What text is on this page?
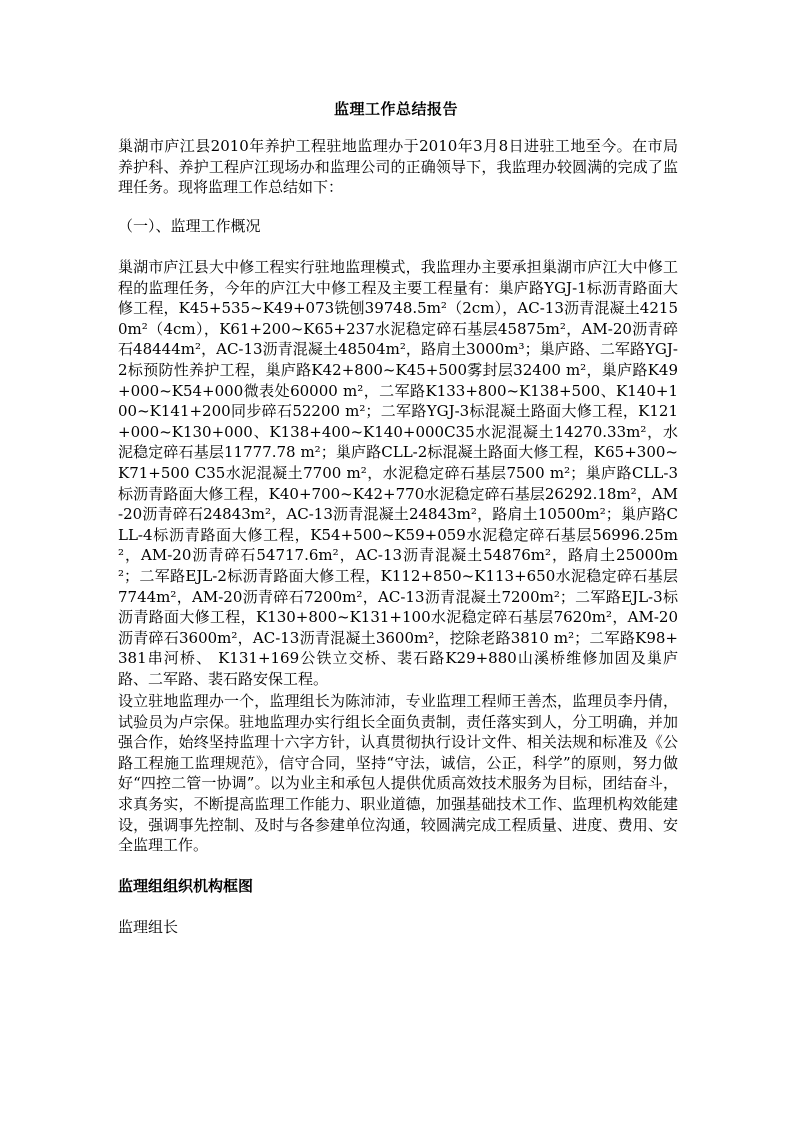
监理工作总结报告

巢湖市庐江县2010年养护工程驻地监理办于2010年3月8日进驻工地至今。在市局养护科、养护工程庐江现场办和监理公司的正确领导下，我监理办较圆满的完成了监理任务。现将监理工作总结如下：

（一）、监理工作概况

巢湖市庐江县大中修工程实行驻地监理模式，我监理办主要承担巢湖市庐江大中修工程的监理任务，今年的庐江大中修工程及主要工程量有：巢庐路YGJ-1标沥青路面大修工程，K45+535~K49+073铣刨39748.5m²（2cm），AC-13沥青混凝土42150m²（4cm），K61+200~K65+237水泥稳定碎石基层45875m²，AM-20沥青碎石48444m²，AC-13沥青混凝土48504m²，路肩土3000m³；巢庐路、二军路YGJ-2标预防性养护工程，巢庐路K42+800~K45+500雾封层32400 m²，巢庐路K49+000~K54+000微表处60000 m²，二军路K133+800~K138+500、K140+100~K141+200同步碎石52200 m²；二军路YGJ-3标混凝土路面大修工程，K121+000~K130+000、K138+400~K140+000C35水泥混凝土14270.33m²，水泥稳定碎石基层11777.78 m²；巢庐路CLL-2标混凝土路面大修工程，K65+300~K71+500 C35水泥混凝土7700 m²，水泥稳定碎石基层7500 m²；巢庐路CLL-3标沥青路面大修工程，K40+700~K42+770水泥稳定碎石基层26292.18m²，AM-20沥青碎石24843m²，AC-13沥青混凝土24843m²，路肩土10500m²；巢庐路CLL-4标沥青路面大修工程，K54+500~K59+059水泥稳定碎石基层56996.25m²，AM-20沥青碎石54717.6m²，AC-13沥青混凝土54876m²，路肩土25000m²；二军路EJL-2标沥青路面大修工程，K112+850~K113+650水泥稳定碎石基层7744m²，AM-20沥青碎石7200m²，AC-13沥青混凝土7200m²；二军路EJL-3标沥青路面大修工程，K130+800~K131+100水泥稳定碎石基层7620m²，AM-20沥青碎石3600m²，AC-13沥青混凝土3600m²，挖除老路3810 m²；二军路K98+381串河桥、 K131+169公铁立交桥、裴石路K29+880山溪桥维修加固及巢庐路、二军路、裴石路安保工程。

设立驻地监理办一个，监理组长为陈沛沛，专业监理工程师王善杰，监理员李丹倩，试验员为卢宗保。驻地监理办实行组长全面负责制，责任落实到人，分工明确，并加强合作，始终坚持监理十六字方针，认真贯彻执行设计文件、相关法规和标准及《公路工程施工监理规范》，信守合同，坚持“守法，诚信，公正，科学”的原则，努力做好“四控二管一协调”。以为业主和承包人提供优质高效技术服务为目标，团结奋斗，求真务实，不断提高监理工作能力、职业道德，加强基础技术工作、监理机构效能建设，强调事先控制、及时与各参建单位沟通，较圆满完成工程质量、进度、费用、安全监理工作。

监理组组织机构框图
监理组长
